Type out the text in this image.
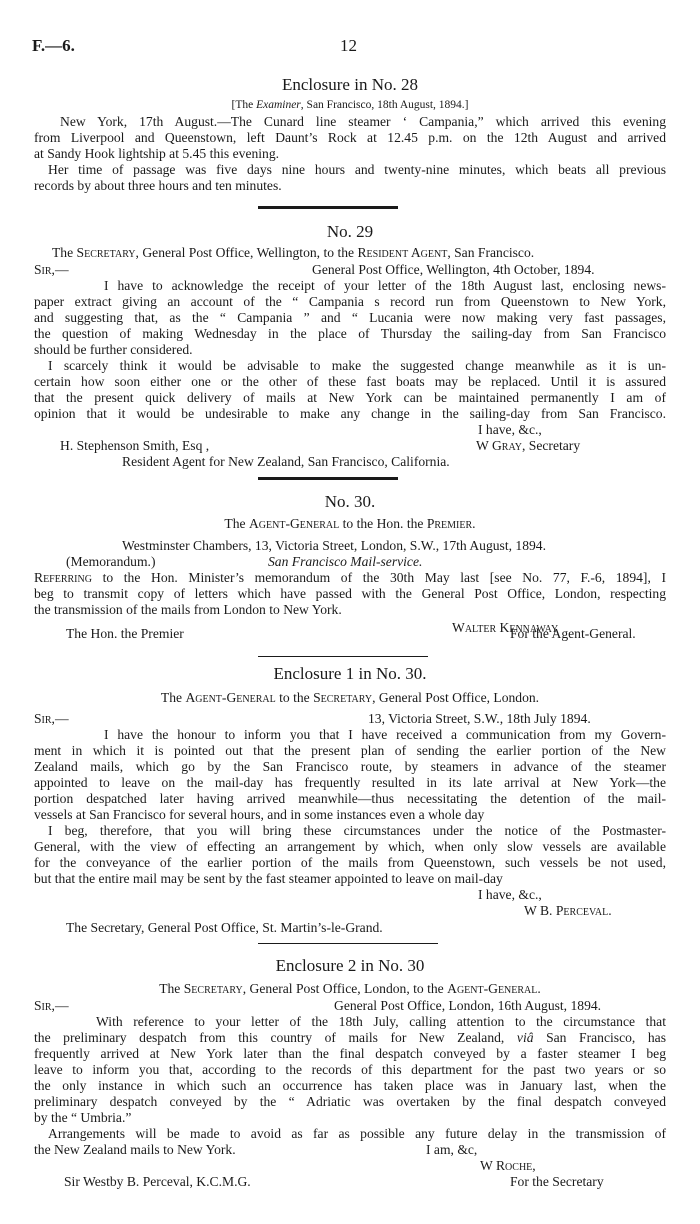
F.—6.	12
Enclosure in No. 28
[The Examiner, San Francisco, 18th August, 1894.]
New York, 17th August.—The Cunard line steamer ‘ Campania,” which arrived this evening
from Liverpool and Queenstown, left Daunt’s Rock at 12.45 p.m. on the 12th August and arrived
at Sandy Hook lightship at 5.45 this evening.
Her time of passage was five days nine hours and twenty-nine minutes, which beats all previous
records by about three hours and ten minutes.
No. 29
The Secretary, General Post Office, Wellington, to the Resident Agent, San Francisco.
Sir,—	General Post Office, Wellington, 4th October, 1894.
I have to acknowledge the receipt of your letter of the 18th August last, enclosing news-
paper extract giving an account of the “ Campania s record run from Queenstown to New York,
and suggesting that, as the “ Campania ” and “ Lucania were now making very fast passages,
the question of making Wednesday in the place of Thursday the sailing-day from San Francisco
should be further considered.
I scarcely think it would be advisable to make the suggested change meanwhile as it is un-
certain how soon either one or the other of these fast boats may be replaced. Until it is assured
that the present quick delivery of mails at New York can be maintained permanently I am of
opinion that it would be undesirable to make any change in the sailing-day from San Francisco.
I have, &c.,
H. Stephenson Smith, Esq ,	W Gray, Secretary
Resident Agent for New Zealand, San Francisco, California.
No. 30.
The Agent-General to the Hon. the Premier.
Westminster Chambers, 13, Victoria Street, London, S.W., 17th August, 1894.
(Memorandum.)	San Francisco Mail-service.
Referring to the Hon. Minister’s memorandum of the 30th May last [see No. 77, F.-6, 1894], I
beg to transmit copy of letters which have passed with the General Post Office, London, respecting
the transmission of the mails from London to New York.
Walter Kennaway
The Hon. the Premier	For the Agent-General.
Enclosure 1 in No. 30.
The Agent-General to the Secretary, General Post Office, London.
Sir,—	13, Victoria Street, S.W., 18th July 1894.
I have the honour to inform you that I have received a communication from my Govern-
ment in which it is pointed out that the present plan of sending the earlier portion of the New
Zealand mails, which go by the San Francisco route, by steamers in advance of the steamer
appointed to leave on the mail-day has frequently resulted in its late arrival at New York—the
portion despatched later having arrived meanwhile—thus necessitating the detention of the mail-
vessels at San Francisco for several hours, and in some instances even a whole day
I beg, therefore, that you will bring these circumstances under the notice of the Postmaster-
General, with the view of effecting an arrangement by which, when only slow vessels are available
for the conveyance of the earlier portion of the mails from Queenstown, such vessels be not used,
but that the entire mail may be sent by the fast steamer appointed to leave on mail-day
I have, &c.,
W B. Perceval.
The Secretary, General Post Office, St. Martin’s-le-Grand.
Enclosure 2 in No. 30
The Secretary, General Post Office, London, to the Agent-General.
Sir,—	General Post Office, London, 16th August, 1894.
With reference to your letter of the 18th July, calling attention to the circumstance that
the preliminary despatch from this country of mails for New Zealand, viâ San Francisco, has
frequently arrived at New York later than the final despatch conveyed by a faster steamer I beg
leave to inform you that, according to the records of this department for the past two years or so
the only instance in which such an occurrence has taken place was in January last, when the
preliminary despatch conveyed by the “ Adriatic was overtaken by the final despatch conveyed
by the “ Umbria.”
Arrangements will be made to avoid as far as possible any future delay in the transmission of
the New Zealand mails to New York.	I am, &c,
W Roche,
Sir Westby B. Perceval, K.C.M.G.	For the Secretary
